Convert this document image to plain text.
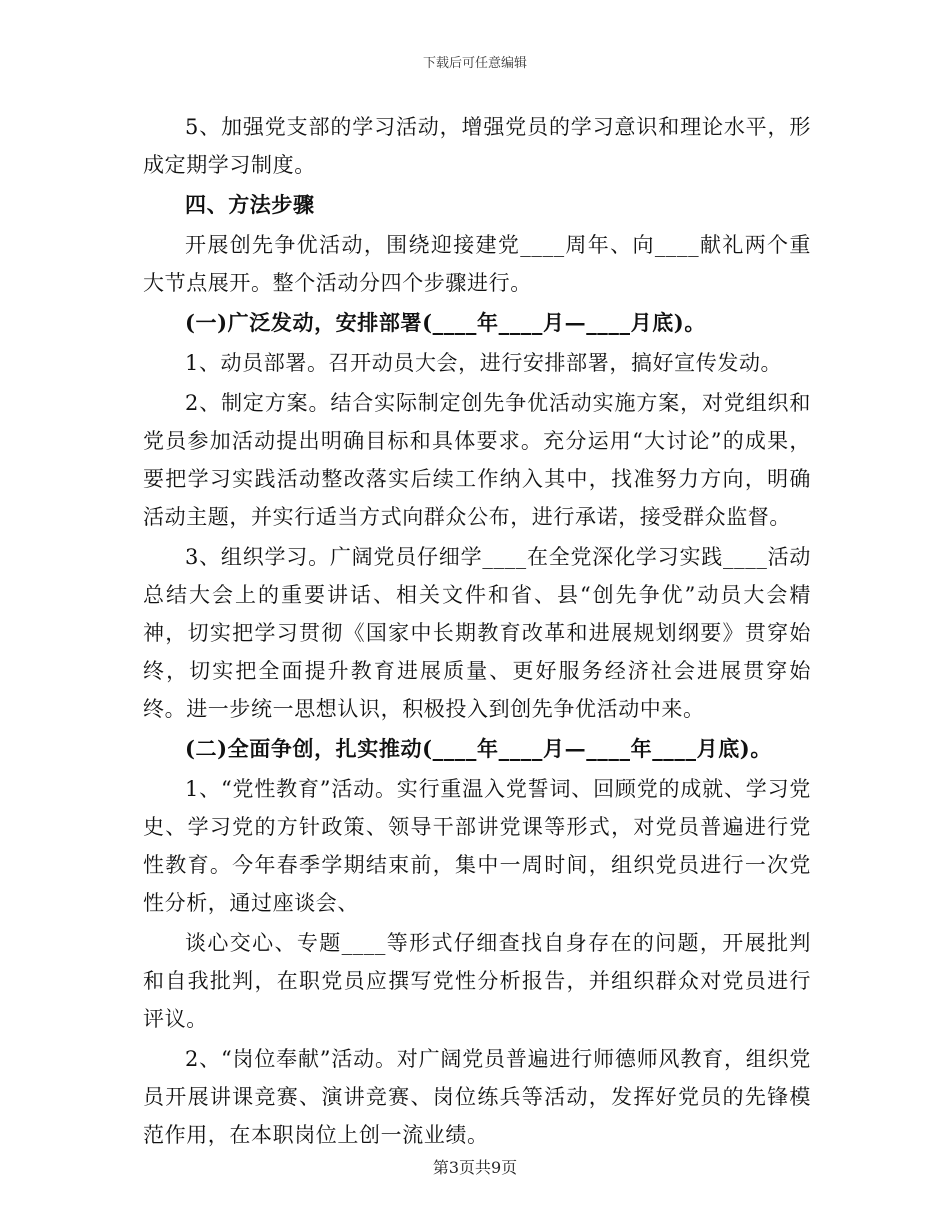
下载后可任意编辑

5、加强党支部的学习活动，增强党员的学习意识和理论水平，形成定期学习制度。

四、方法步骤

开展创先争优活动，围绕迎接建党____周年、向____献礼两个重大节点展开。整个活动分四个步骤进行。

(一)广泛发动，安排部署(____年____月—____月底)。

1、动员部署。召开动员大会，进行安排部署，搞好宣传发动。

2、制定方案。结合实际制定创先争优活动实施方案，对党组织和党员参加活动提出明确目标和具体要求。充分运用“大讨论”的成果，要把学习实践活动整改落实后续工作纳入其中，找准努力方向，明确活动主题，并实行适当方式向群众公布，进行承诺，接受群众监督。

3、组织学习。广阔党员仔细学____在全党深化学习实践____活动总结大会上的重要讲话、相关文件和省、县“创先争优”动员大会精神，切实把学习贯彻《国家中长期教育改革和进展规划纲要》贯穿始终，切实把全面提升教育进展质量、更好服务经济社会进展贯穿始终。进一步统一思想认识，积极投入到创先争优活动中来。

(二)全面争创，扎实推动(____年____月—____年____月底)。

1、“党性教育”活动。实行重温入党誓词、回顾党的成就、学习党史、学习党的方针政策、领导干部讲党课等形式，对党员普遍进行党性教育。今年春季学期结束前，集中一周时间，组织党员进行一次党性分析，通过座谈会、

谈心交心、专题____等形式仔细查找自身存在的问题，开展批判和自我批判，在职党员应撰写党性分析报告，并组织群众对党员进行评议。

2、“岗位奉献”活动。对广阔党员普遍进行师德师风教育，组织党员开展讲课竞赛、演讲竞赛、岗位练兵等活动，发挥好党员的先锋模范作用，在本职岗位上创一流业绩。

第3页共9页
